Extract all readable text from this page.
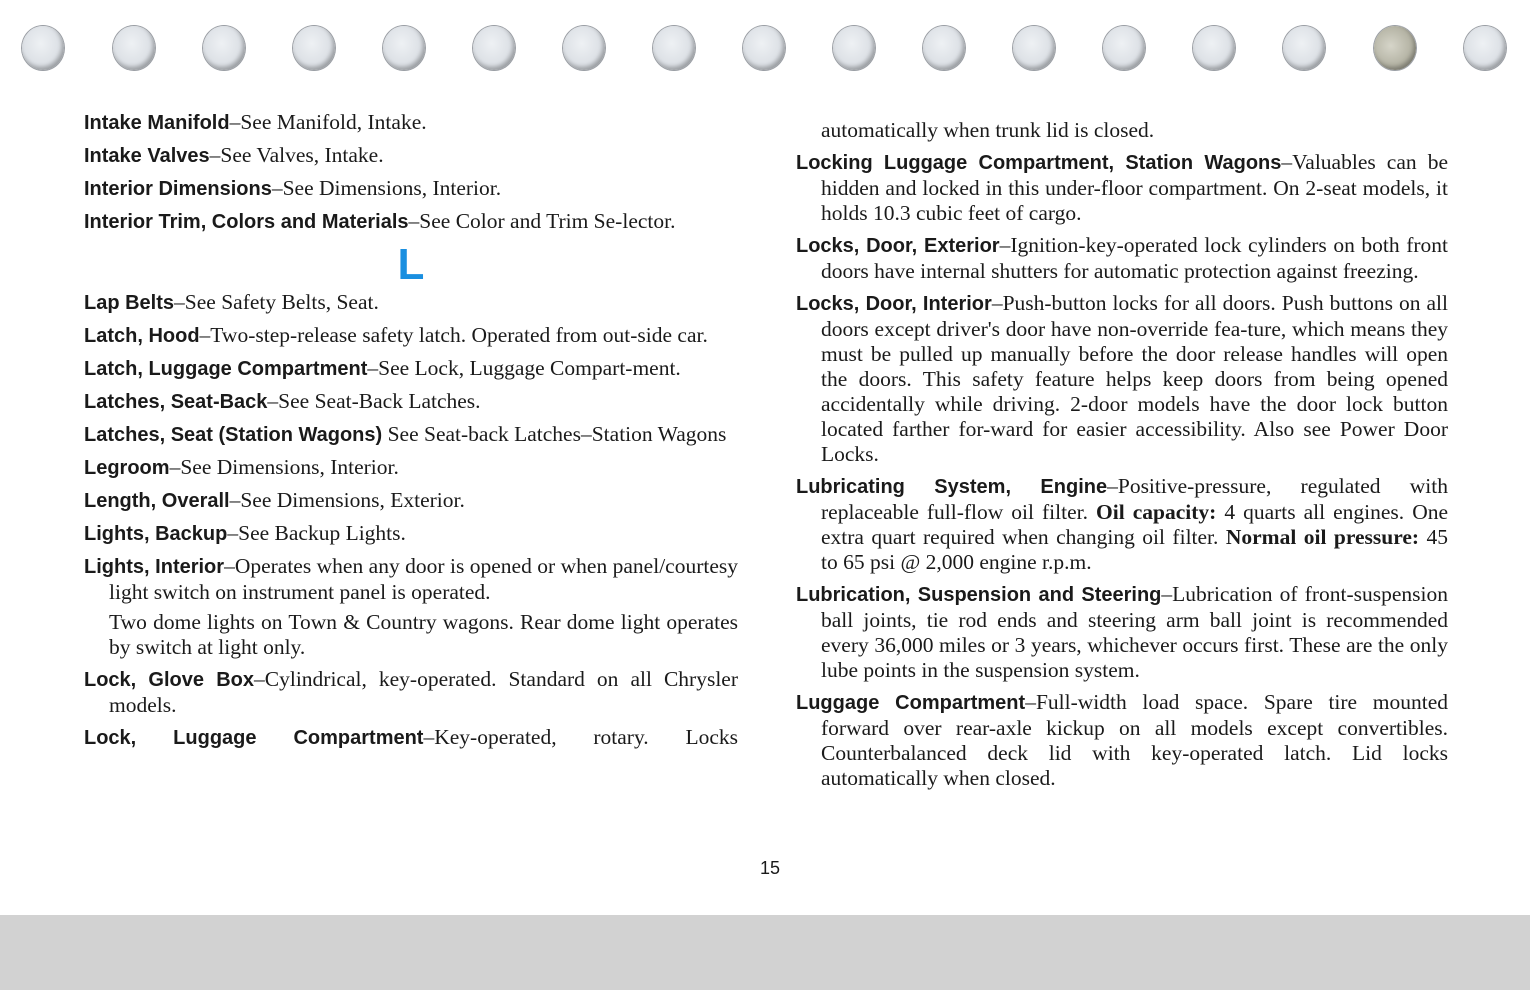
Intake Manifold–See Manifold, Intake.

Intake Valves–See Valves, Intake.

Interior Dimensions–See Dimensions, Interior.

Interior Trim, Colors and Materials–See Color and Trim Se-lector.

L

Lap Belts–See Safety Belts, Seat.

Latch, Hood–Two-step-release safety latch. Operated from out-side car.

Latch, Luggage Compartment–See Lock, Luggage Compart-ment.

Latches, Seat-Back–See Seat-Back Latches.

Latches, Seat (Station Wagons) See Seat-back Latches–Station Wagons

Legroom–See Dimensions, Interior.

Length, Overall–See Dimensions, Exterior.

Lights, Backup–See Backup Lights.

Lights, Interior–Operates when any door is opened or when panel/courtesy light switch on instrument panel is operated.

Two dome lights on Town & Country wagons. Rear dome light operates by switch at light only.

Lock, Glove Box–Cylindrical, key-operated. Standard on all Chrysler models.

Lock, Luggage Compartment–Key-operated, rotary. Locks

automatically when trunk lid is closed.

Locking Luggage Compartment, Station Wagons–Valuables can be hidden and locked in this under-floor compartment. On 2-seat models, it holds 10.3 cubic feet of cargo.

Locks, Door, Exterior–Ignition-key-operated lock cylinders on both front doors have internal shutters for automatic protection against freezing.

Locks, Door, Interior–Push-button locks for all doors. Push buttons on all doors except driver's door have non-override fea-ture, which means they must be pulled up manually before the door release handles will open the doors. This safety feature helps keep doors from being opened accidentally while driving. 2-door models have the door lock button located farther for-ward for easier accessibility. Also see Power Door Locks.

Lubricating System, Engine–Positive-pressure, regulated with replaceable full-flow oil filter. Oil capacity: 4 quarts all engines. One extra quart required when changing oil filter. Normal oil pressure: 45 to 65 psi @ 2,000 engine r.p.m.

Lubrication, Suspension and Steering–Lubrication of front-suspension ball joints, tie rod ends and steering arm ball joint is recommended every 36,000 miles or 3 years, whichever occurs first. These are the only lube points in the suspension system.

Luggage Compartment–Full-width load space. Spare tire mounted forward over rear-axle kickup on all models except convertibles. Counterbalanced deck lid with key-operated latch. Lid locks automatically when closed.

15
